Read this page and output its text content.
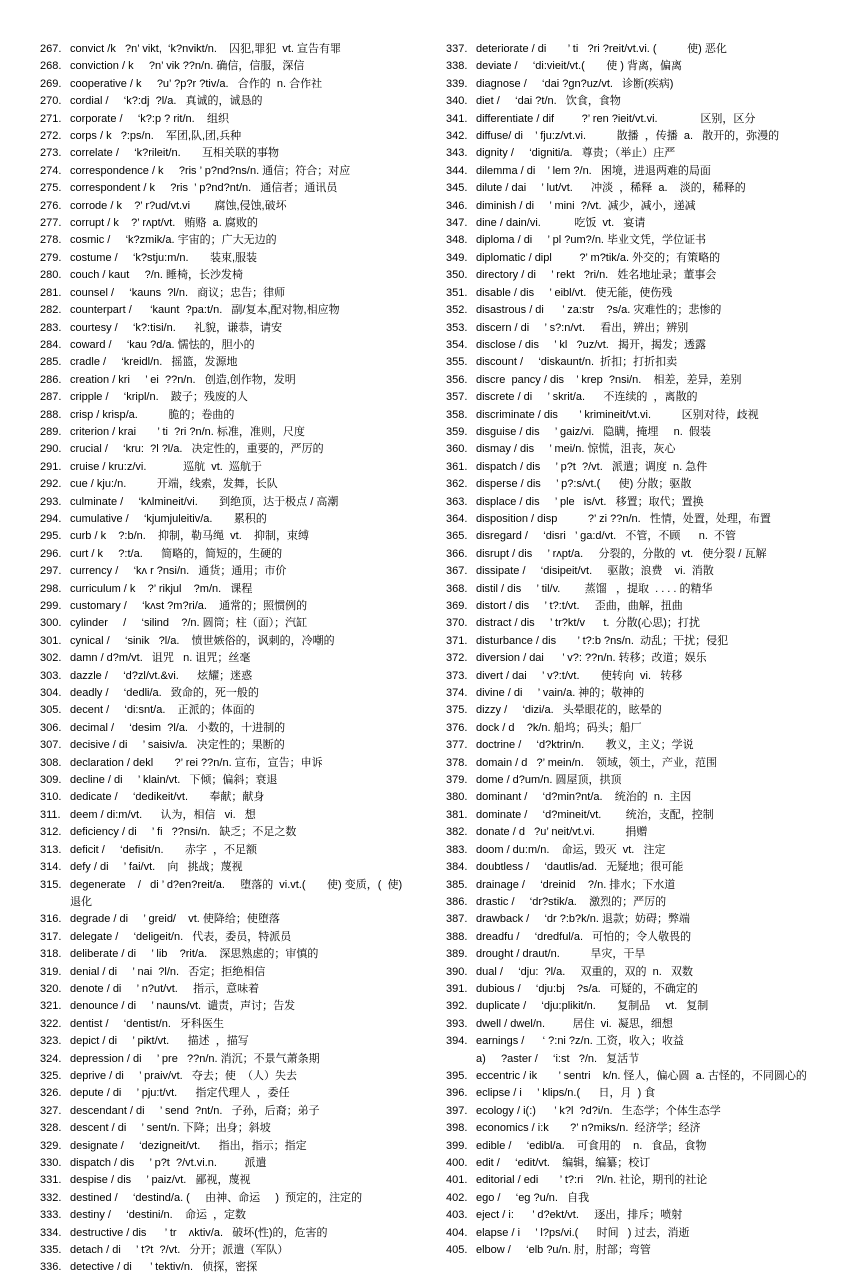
267. convict /k   ?n’ vikt,  ‘k?nvikt/n.    囚犯,罪犯  vt. 宣告有罪
268. conviction / k     ?n’ vik ??n/n. 确信，信服，深信
269. cooperative / k     ?u’ ?p?r ?tiv/a.   合作的  n. 合作社
270. cordial /     ‘k?:dj  ?l/a.   真诚的，诚恳的
271. corporate /     ‘k?:p ? rit/n.    组织
272. corps / k   ?:ps/n.    军团,队,团,兵种
273. correlate /     ‘k?rileit/n.       互相关联的事物
274. correspondence / k     ?ris ’ p?nd?ns/n. 通信；符合；对应
275. correspondent / k     ?ris  ’ p?nd?nt/n.   通信者；通讯员
276. corrode / k    ?’ r?ud/vt.vi        腐蚀,侵蚀,破坏
277. corrupt / k    ?’ rʌpt/vt.   贿赂  a. 腐败的
278. cosmic /     ‘k?zmik/a. 宇宙的；广大无边的
279. costume /     ‘k?stju:m/n.       装束,服装
280. couch / kaut     ?/n. 睡椅，长沙发椅
281. counsel /     ‘kauns  ?l/n.   商议；忠告；律师
282. counterpart /      ‘kaunt  ?pa:t/n.   副/复本,配对物,相应物
283. courtesy /     ‘k?:tisi/n.      礼貌，谦恭，请安
284. coward /     ‘kau ?d/a. 懦怯的，胆小的
285. cradle /     ‘kreidl/n.   摇篮，发源地
286. creation / kri     ’ ei  ??n/n.   创造,创作物，发明
287. cripple /     ‘kripl/n.    跛子；残废的人
288. crisp / krisp/a.          脆的；卷曲的
289. criterion / krai       ’ ti  ?ri ?n/n. 标准，准则，尺度
290. crucial /     ‘kru:  ?l ?l/a.   决定性的，重要的，严厉的
291. cruise / kru:z/vi.            巡航  vt.  巡航于
292. cue / kju:/n.          开端，线索，发舞，长队
293. culminate /     ‘kʌlmineit/vi.       到绝顶，达于极点 / 高潮
294. cumulative /     ‘kjumjuleitiv/a.       累积的
295. curb / k    ?:b/n.    抑制，勒马绳  vt.    抑制，束缚
296. curt / k     ?:t/a.      简略的，简短的，生硬的
297. currency /     ‘kʌ r ?nsi/n.   通货；通用；市价
298. curriculum / k    ?’ rikjul    ?m/n.   课程
299. customary /     ‘kʌst ?m?ri/a.    通常的；照惯例的
300. cylinder     /     ‘silind    ?/n. 圆筒；柱（面）；汽缸
301. cynical /     ‘sinik   ?l/a.    愤世嫉俗的，讽刺的，冷嘲的
302. damn / d?m/vt.   诅咒   n. 诅咒；丝毫
303. dazzle /     ‘d?zl/vt.&vi.      炫耀；迷惑
304. deadly /     ‘dedli/a.   致命的，死一般的
305. decent /     ‘di:snt/a.    正派的；体面的
306. decimal /     ‘desim  ?l/a.   小数的，十进制的
307. decisive / di     ’ saisiv/a.   决定性的；果断的
308. declaration / dekl       ?’ rei ??n/n. 宣布，宣告；申诉
309. decline / di     ’ klain/vt.   下倾；偏斜；衰退
310. dedicate /     ‘dedikeit/vt.       奉献；献身
311. deem / di:m/vt.      认为，相信   vi.   想
312. deficiency / di     ’ fi   ??nsi/n.   缺乏；不足之数
313. deficit /     ‘defisit/n.       赤字  ，不足额
314. defy / di     ’ fai/vt.    向   挑战；蔑视
315. degenerate    /   di ’ d?en?reit/a.     堕落的  vi.vt.(       使) 变质，(  使) 退化
316. degrade / di     ’ greid/    vt. 使降给；使堕落
317. delegate /     ‘deligeit/n.   代表，委员，特派员
318. deliberate / di     ’ lib    ?rit/a.    深思熟虑的；审慎的
319. denial / di     ’ nai  ?l/n.   否定；拒绝相信
320. denote / di     ’ n?ut/vt.     指示，意味着
321. denounce / di     ’ nauns/vt.  谴责，声讨；告发
322. dentist /     ‘dentist/n.   牙科医生
323. depict / di     ’ pikt/vt.      描述  ，描写
324. depression / di     ’ pre   ??n/n. 消沉；不景气萧条期
325. deprive / di     ’ praiv/vt.   夺去；使  （人）失去
326. depute / di     ’ pju:t/vt.      指定代理人  ，委任
327. descendant / di     ’ send  ?nt/n.   子孙，后裔；弟子
328. descent / di     ’ sent/n. 下降；出身；斜坡
329. designate /     ‘dezigneit/vt.      指出，指示；指定
330. dispatch / dis     ’ p?t  ?/vt.vi.n.         派遣
331. despise / dis     ’ paiz/vt.   鄙视，蔑视
332. destined /     ‘destind/a. (     由神、命运     )  预定的，注定的
333. destiny /     ‘destini/n.    命运  ，定数
334. destructive / dis      ’ tr    ʌktiv/a.   破坏(性)的，危害的
335. detach / di     ’ t?t  ?/vt.   分开；派遣（军队）
336. detective / di      ’ tektiv/n.   侦探，密探
337. deteriorate / di       ’ ti   ?ri ?reit/vt.vi. (          使) 恶化
338. deviate /     ‘di:vieit/vt.(       使 ) 背离，偏离
339. diagnose /     ‘dai ?gn?uz/vt.   诊断(疾病)
340. diet /     ‘dai ?t/n.   饮食，食物
341. differentiate / dif         ?’ ren ?ieit/vt.vi.              区别，区分
342. diffuse/ di    ’ fju:z/vt.vi.          散播  ，传播  a.   散开的，弥漫的
343. dignity /     ‘digniti/a.   尊贵；（举止）庄严
344. dilemma / di    ’ lem ?/n.   困境，进退两难的局面
345. dilute / dai     ’ lut/vt.      冲淡  ，稀释  a.    淡的，稀释的
346. diminish / di     ’ mini  ?/vt.  减少，减小，递减
347. dine / dain/vi.           吃饭  vt.   宴请
348. diploma / di     ’ pl ?um?/n. 毕业文凭，学位证书
349. diplomatic / dipl         ?’ m?tik/a. 外交的；有策略的
350. directory / di     ’ rekt   ?ri/n.   姓名地址录；董事会
351. disable / dis     ’ eibl/vt.   使无能，使伤残
352. disastrous / di      ’ za:str    ?s/a. 灾难性的；悲惨的
353. discern / di     ’ s?:n/vt.     看出，辨出；辨别
354. disclose / dis     ’ kl   ?uz/vt.   揭开，揭发；透露
355. discount /     ‘diskaunt/n.  折扣；打折扣卖
356. discre  pancy / dis    ’ krep  ?nsi/n.    相差，差异，差别
357. discrete / di     ’ skrit/a.      不连续的  ，离散的
358. discriminate / dis       ’ krimineit/vt.vi.          区别对待，歧视
359. disguise / dis     ’ gaiz/vi.   隐瞒，掩埋     n.  假装
360. dismay / dis     ’ mei/n. 惊慌，沮丧，灰心
361. dispatch / dis     ’ p?t  ?/vt.   派遣；调度  n. 急件
362. disperse / dis     ’ p?:s/vt.(      使) 分散；驱散
363. displace / dis     ’ ple   is/vt.   移置；取代；置换
364. disposition / disp          ?’ zi ??n/n.   性情，处置，处理，布置
365. disregard /     ‘disri   ’ ga:d/vt.   不管，不顾      n.  不管
366. disrupt / dis     ’ rʌpt/a.     分裂的，分散的  vt.   使分裂 / 瓦解
367. dissipate /     ‘disipeit/vt.     驱散；浪费    vi.  消散
368. distil / dis     ’ til/v.        蒸馏   ，提取  . . . . 的精华
369. distort / dis     ’ t?:t/vt.     歪曲，曲解，扭曲
370. distract / dis     ’ tr?kt/v      t.  分散(心思)；打扰
371. disturbance / dis       ’ t?:b ?ns/n.  动乱；干扰；侵犯
372. diversion / dai      ’ v?: ??n/n. 转移；改道；娱乐
373. divert / dai     ’ v?:t/vt.       使转向  vi.   转移
374. divine / di     ’ vain/a. 神的；敬神的
375. dizzy /     ‘dizi/a.   头晕眼花的，眩晕的
376. dock / d    ?k/n. 船坞；码头；船厂
377. doctrine /     ‘d?ktrin/n.       教义，主义；学说
378. domain / d   ?’ mein/n.    领域，领土，产业，范围
379. dome / d?um/n. 圆屋顶，拱顶
380. dominant /     ‘d?min?nt/a.    统治的  n.  主因
381. dominate /     ‘d?mineit/vt.        统治，支配，控制
382. donate / d   ?u’ neit/vt.vi.          捐赠
383. doom / du:m/n.    命运，毁灭  vt.   注定
384. doubtless /     ‘dautlis/ad.   无疑地；很可能
385. drainage /     ‘dreinid    ?/n. 排水；下水道
386. drastic /     ‘dr?stik/a.    激烈的；严厉的
387. drawback /     ‘dr ?:b?k/n. 退款；妨碍；弊端
388. dreadfu /     ‘dredful/a.   可怕的；令人敬畏的
389. drought / draut/n.          旱灾，干旱
390. dual /     ‘dju:  ?l/a.     双重的，双的  n.   双数
391. dubious /     ‘dju:bj    ?s/a.   可疑的，不确定的
392. duplicate /     ‘dju:plikit/n.       复制品     vt.   复制
393. dwell / dwel/n.         居住  vi.  凝思，细想
394. earnings /      ‘ ?:ni ?z/n. 工资，收入；收益
a)     ?aster /     ‘i:st   ?/n.   复活节
395. eccentric / ik       ’ sentri    k/n. 怪人，偏心圆  a. 古怪的，不同圆心的
396. eclipse / i     ’ klips/n.(      日，月  ) 食
397. ecology / i(:)      ’ k?l  ?d?i/n.   生态学；个体生态学
398. economics / i:k       ?’ n?miks/n.  经济学；经济
399. edible /     ‘edibl/a.    可食用的    n.   食品，食物
400. edit /     ‘edit/vt.    编辑，编纂；校订
401. editorial / edi       ’ t?:ri    ?l/n. 社论，期刊的社论
402. ego /     ‘eg ?u/n.   自我
403. eject / i:      ’ d?ekt/vt.     逐出，排斥；喷射
404. elapse / i     ’ l?ps/vi.(      时间   ) 过去，消逝
405. elbow /     ‘elb ?u/n. 肘，肘部；弯管
